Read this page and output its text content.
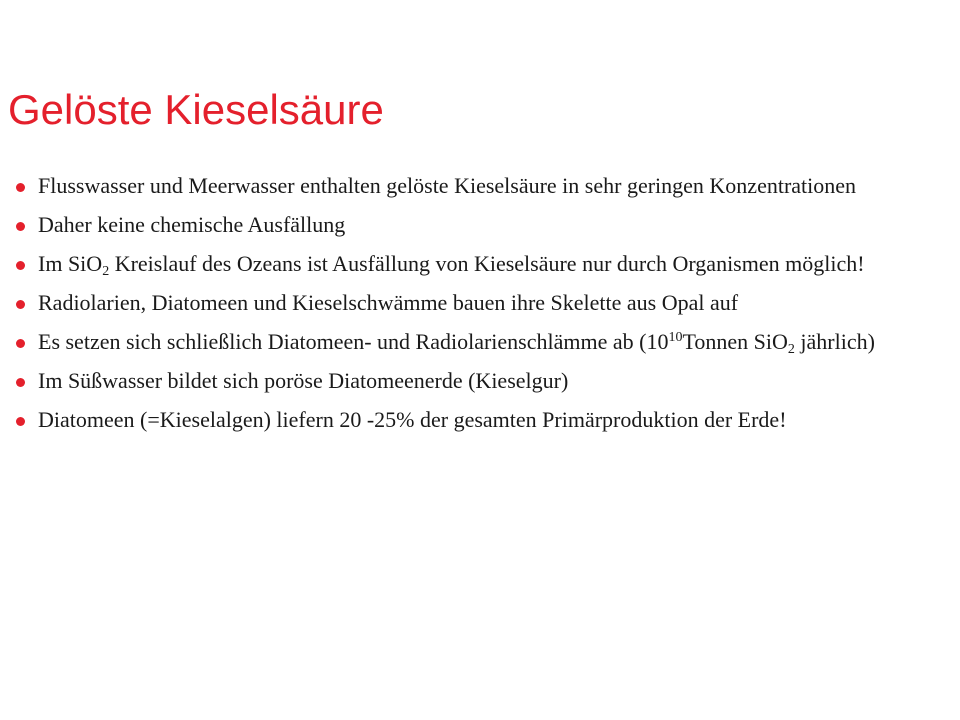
Gelöste Kieselsäure
Flusswasser und Meerwasser enthalten gelöste Kieselsäure in sehr geringen Konzentrationen
Daher keine chemische Ausfällung
Im SiO$_2$ Kreislauf des Ozeans ist Ausfällung von Kieselsäure nur durch Organismen möglich!
Radiolarien, Diatomeen und Kieselschwämme bauen ihre Skelette aus Opal auf
Es setzen sich schließlich Diatomeen- und Radiolarienschlämme ab ($10^{10}Tonnen$ SiO$_2$ jährlich)
Im Süßwasser bildet sich poröse Diatomeenerde (Kieselgur)
Diatomeen (=Kieselalgen) liefern 20 -25% der gesamten Primärproduktion der Erde!
